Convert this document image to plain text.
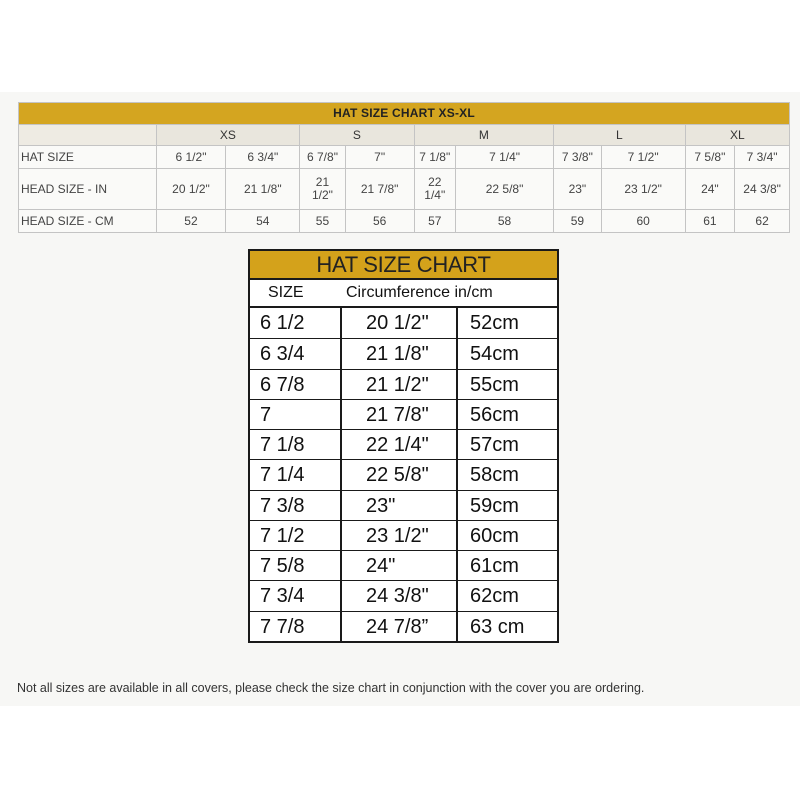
HAT SIZE CHART XS-XL										
	XS		S		M		L		XL	
HAT SIZE	6 1/2"	6 3/4"	6 7/8"	7"	7 1/8"	7 1/4"	7 3/8"	7 1/2"	7 5/8"	7 3/4"
HEAD SIZE - IN	20 1/2"	21 1/8"	21 1/2"	21 7/8"	22 1/4"	22 5/8"	23"	23 1/2"	24"	24 3/8"
HEAD SIZE - CM	52	54	55	56	57	58	59	60	61	62
HAT SIZE CHART
SIZE	Circumference in/cm
6 1/2	20 1/2"	52cm
6 3/4	21 1/8"	54cm
6 7/8	21 1/2"	55cm
7	21 7/8"	56cm
7 1/8	22 1/4"	57cm
7 1/4	22 5/8"	58cm
7 3/8	23"	59cm
7 1/2	23 1/2"	60cm
7 5/8	24"	61cm
7 3/4	24 3/8"	62cm
7 7/8	24 7/8”	63 cm
Not all sizes are available in all covers, please check the size chart in conjunction with the cover you are ordering.
